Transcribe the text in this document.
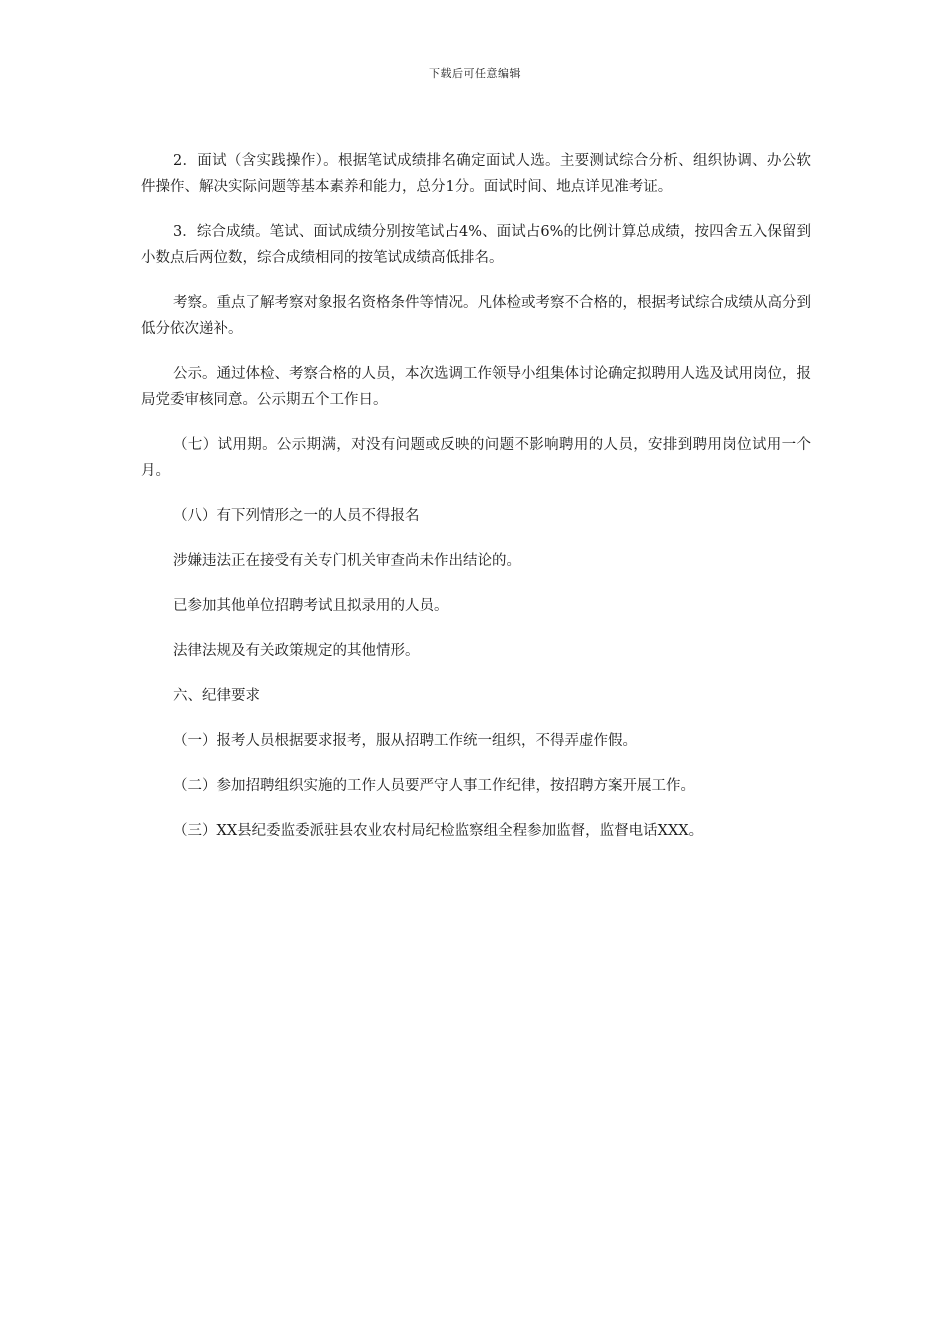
下载后可任意编辑

2．面试（含实践操作）。根据笔试成绩排名确定面试人选。主要测试综合分析、组织协调、办公软件操作、解决实际问题等基本素养和能力，总分1分。面试时间、地点详见准考证。

3．综合成绩。笔试、面试成绩分别按笔试占4%、面试占6%的比例计算总成绩，按四舍五入保留到小数点后两位数，综合成绩相同的按笔试成绩高低排名。

考察。重点了解考察对象报名资格条件等情况。凡体检或考察不合格的，根据考试综合成绩从高分到低分依次递补。

公示。通过体检、考察合格的人员，本次选调工作领导小组集体讨论确定拟聘用人选及试用岗位，报局党委审核同意。公示期五个工作日。

（七）试用期。公示期满，对没有问题或反映的问题不影响聘用的人员，安排到聘用岗位试用一个月。

（八）有下列情形之一的人员不得报名

涉嫌违法正在接受有关专门机关审查尚未作出结论的。

已参加其他单位招聘考试且拟录用的人员。

法律法规及有关政策规定的其他情形。

六、纪律要求

（一）报考人员根据要求报考，服从招聘工作统一组织，不得弄虚作假。

（二）参加招聘组织实施的工作人员要严守人事工作纪律，按招聘方案开展工作。

（三）XX县纪委监委派驻县农业农村局纪检监察组全程参加监督，监督电话XXX。
